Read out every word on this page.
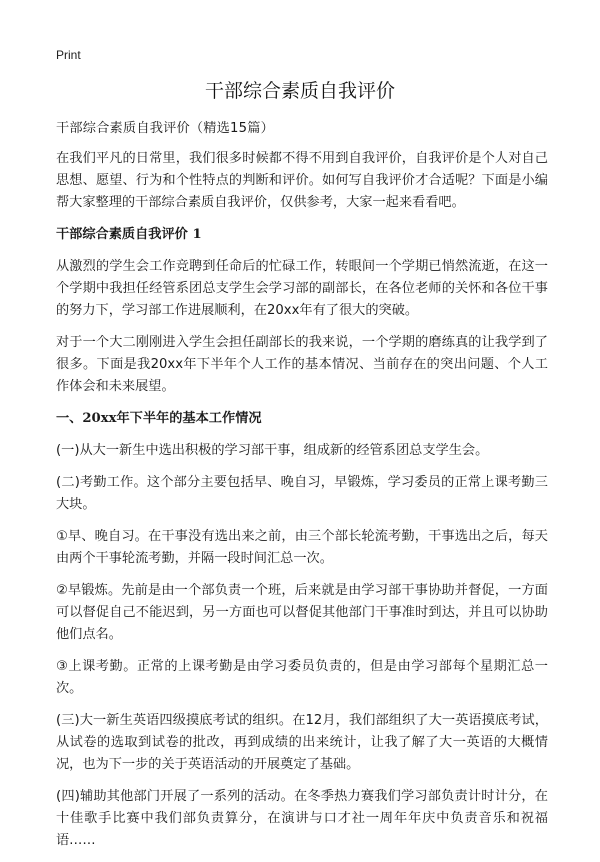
Print
干部综合素质自我评价

干部综合素质自我评价（精选15篇）

在我们平凡的日常里，我们很多时候都不得不用到自我评价，自我评价是个人对自己思想、愿望、行为和个性特点的判断和评价。如何写自我评价才合适呢？下面是小编帮大家整理的干部综合素质自我评价，仅供参考，大家一起来看看吧。

干部综合素质自我评价 1

从激烈的学生会工作竞聘到任命后的忙碌工作，转眼间一个学期已悄然流逝，在这一个学期中我担任经管系团总支学生会学习部的副部长，在各位老师的关怀和各位干事的努力下，学习部工作进展顺利，在20xx年有了很大的突破。

对于一个大二刚刚进入学生会担任副部长的我来说，一个学期的磨练真的让我学到了很多。下面是我20xx年下半年个人工作的基本情况、当前存在的突出问题、个人工作体会和未来展望。

一、20xx年下半年的基本工作情况

(一)从大一新生中选出积极的学习部干事，组成新的经管系团总支学生会。

(二)考勤工作。这个部分主要包括早、晚自习，早锻炼，学习委员的正常上课考勤三大块。

①早、晚自习。在干事没有选出来之前，由三个部长轮流考勤，干事选出之后，每天由两个干事轮流考勤，并隔一段时间汇总一次。

②早锻炼。先前是由一个部负责一个班，后来就是由学习部干事协助并督促，一方面可以督促自己不能迟到，另一方面也可以督促其他部门干事准时到达，并且可以协助他们点名。

③上课考勤。正常的上课考勤是由学习委员负责的，但是由学习部每个星期汇总一次。

(三)大一新生英语四级摸底考试的组织。在12月，我们部组织了大一英语摸底考试，从试卷的选取到试卷的批改，再到成绩的出来统计，让我了解了大一英语的大概情况，也为下一步的关于英语活动的开展奠定了基础。

(四)辅助其他部门开展了一系列的活动。在冬季热力赛我们学习部负责计时计分，在十佳歌手比赛中我们部负责算分，在演讲与口才社一周年年庆中负责音乐和祝福语……
